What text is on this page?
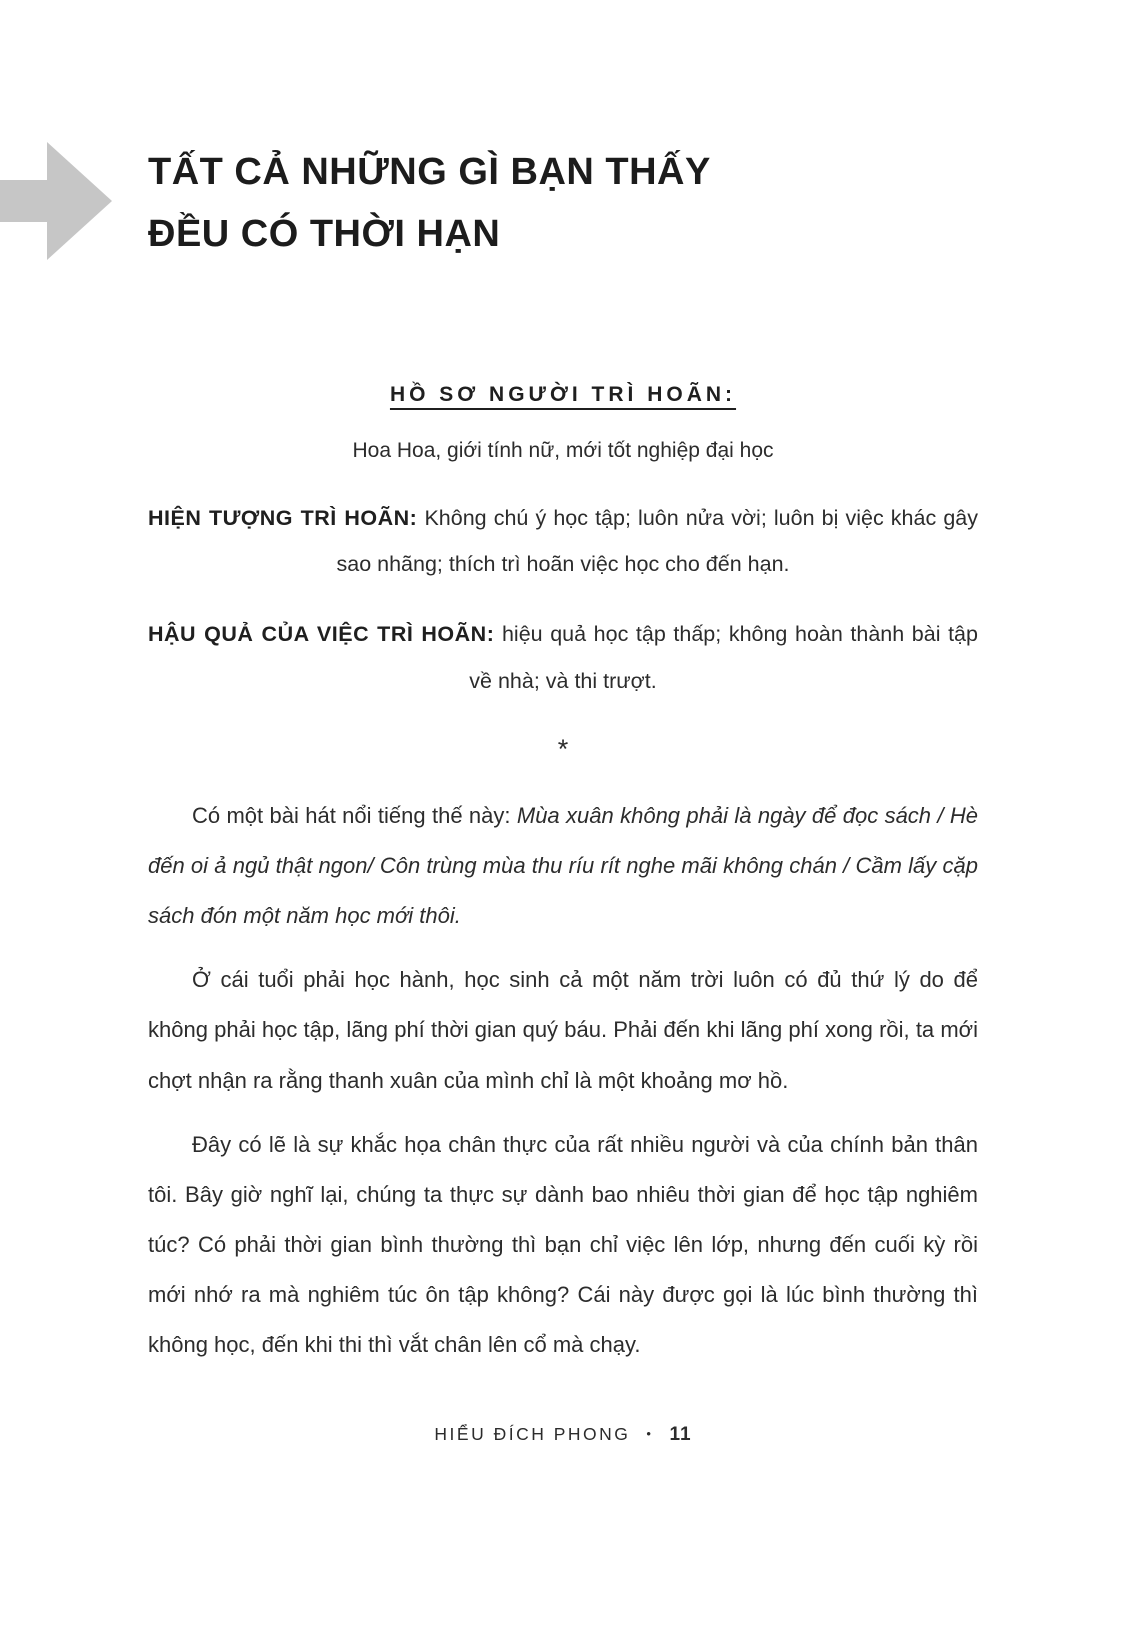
TẤT CẢ NHỮNG GÌ BẠN THẤY
ĐỀU CÓ THỜI HẠN
HỒ SƠ NGƯỜI TRÌ HOÃN:
Hoa Hoa, giới tính nữ, mới tốt nghiệp đại học

HIỆN TƯỢNG TRÌ HOÃN: Không chú ý học tập; luôn nửa vời; luôn bị việc khác gây sao nhãng; thích trì hoãn việc học cho đến hạn.

HẬU QUẢ CỦA VIỆC TRÌ HOÃN: hiệu quả học tập thấp; không hoàn thành bài tập về nhà; và thi trượt.

*

Có một bài hát nổi tiếng thế này: Mùa xuân không phải là ngày để đọc sách / Hè đến oi ả ngủ thật ngon/ Côn trùng mùa thu ríu rít nghe mãi không chán / Cầm lấy cặp sách đón một năm học mới thôi.

Ở cái tuổi phải học hành, học sinh cả một năm trời luôn có đủ thứ lý do để không phải học tập, lãng phí thời gian quý báu. Phải đến khi lãng phí xong rồi, ta mới chợt nhận ra rằng thanh xuân của mình chỉ là một khoảng mơ hồ.

Đây có lẽ là sự khắc họa chân thực của rất nhiều người và của chính bản thân tôi. Bây giờ nghĩ lại, chúng ta thực sự dành bao nhiêu thời gian để học tập nghiêm túc? Có phải thời gian bình thường thì bạn chỉ việc lên lớp, nhưng đến cuối kỳ rồi mới nhớ ra mà nghiêm túc ôn tập không? Cái này được gọi là lúc bình thường thì không học, đến khi thi thì vắt chân lên cổ mà chạy.

HIỂU ĐÍCH PHONG • 11
